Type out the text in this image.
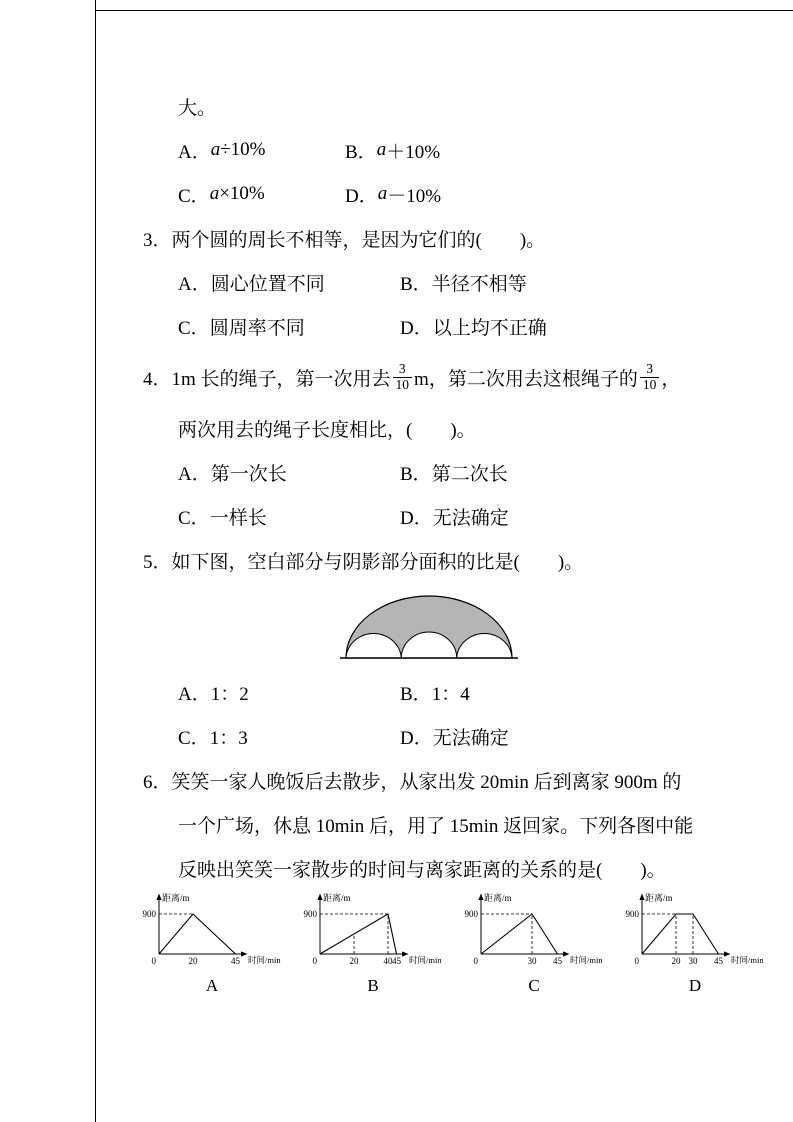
大。
A． a ÷10%	B． a ＋10%
C． a ×10%	D． a －10%
3． 两个圆的周长不相等，是因为它们的(        )。
A． 圆心位置不同	B． 半径不相等
C． 圆周率不同	D． 以上均不正确
4． 1m 长的绳子，第一次用去 $\frac{3}{10}$ m，第二次用去这根绳子的 $\frac{3}{10}$ ，
两次用去的绳子长度相比，(        )。
A． 第一次长	B． 第二次长
C． 一样长	D． 无法确定
5． 如下图，空白部分与阴影部分面积的比是(        )。
A． 1：2	B． 1：4
C． 1：3	D． 无法确定
6． 笑笑一家人晚饭后去散步，从家出发 20min 后到离家 900m 的
一个广场，休息 10min 后，用了 15min 返回家。下列各图中能
反映出笑笑一家散步的时间与离家距离的关系的是(        )。
900
距离/m
0	20	45 时间/min
A
900
距离/m
0	20	40 45 时间/min
B
900
距离/m
0	30 45 时间/min
C
900
距离/m
0	20 30 45 时间/min
D
